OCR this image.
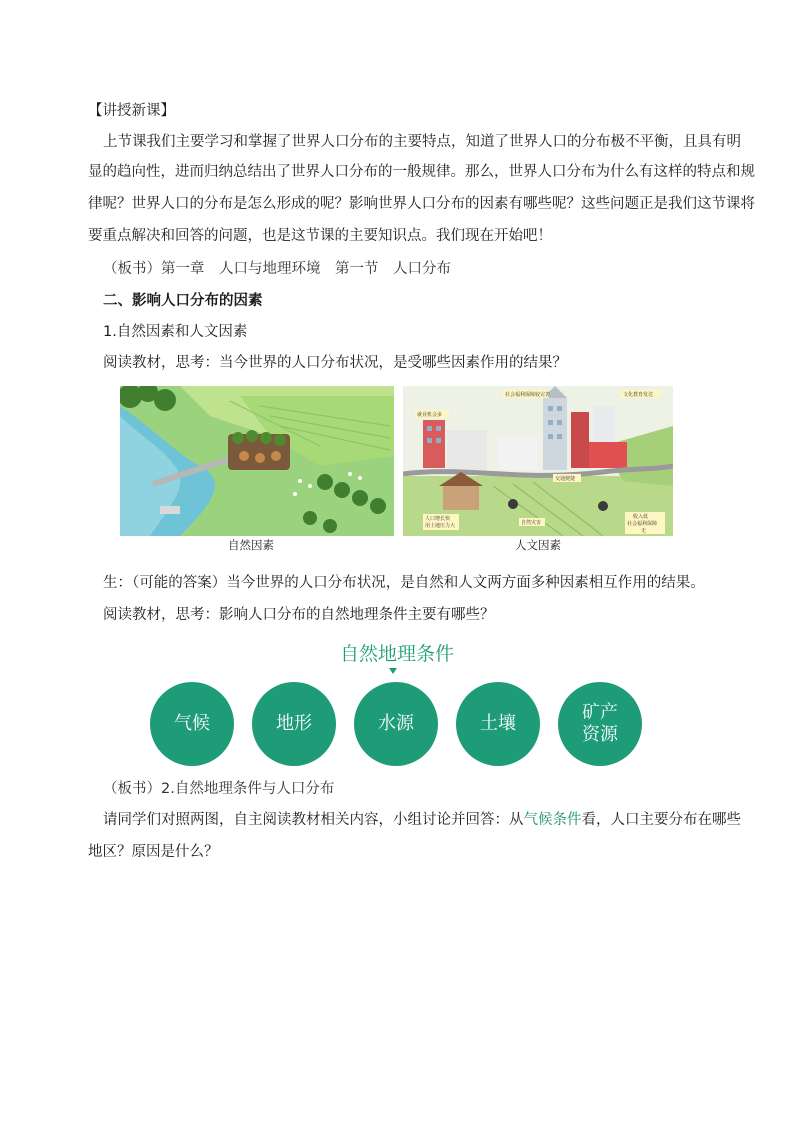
【讲授新课】
上节课我们主要学习和掌握了世界人口分布的主要特点，知道了世界人口的分布极不平衡，且具有明
显的趋向性，进而归纳总结出了世界人口分布的一般规律。那么，世界人口分布为什么有这样的特点和规
律呢？世界人口的分布是怎么形成的呢？影响世界人口分布的因素有哪些呢？这些问题正是我们这节课将
要重点解决和回答的问题，也是这节课的主要知识点。我们现在开始吧！
（板书）第一章　人口与地理环境　第一节　人口分布
二、影响人口分布的因素
1.自然因素和人文因素
阅读教材，思考：当今世界的人口分布状况，是受哪些因素作用的结果？
就业机会多
社会福利保障较完善	文化教育发达
交通便捷
人口增长快
用土地压力大	自然灾害
收入低
社会福利保障
无
自然因素	人文因素
生：（可能的答案）当今世界的人口分布状况，是自然和人文两方面多种因素相互作用的结果。
阅读教材，思考：影响人口分布的自然地理条件主要有哪些？
自然地理条件
气候	地形	水源	土壤
矿产
资源
（板书）2.自然地理条件与人口分布
请同学们对照两图，自主阅读教材相关内容，小组讨论并回答：从气候条件看，人口主要分布在哪些
地区？原因是什么？
